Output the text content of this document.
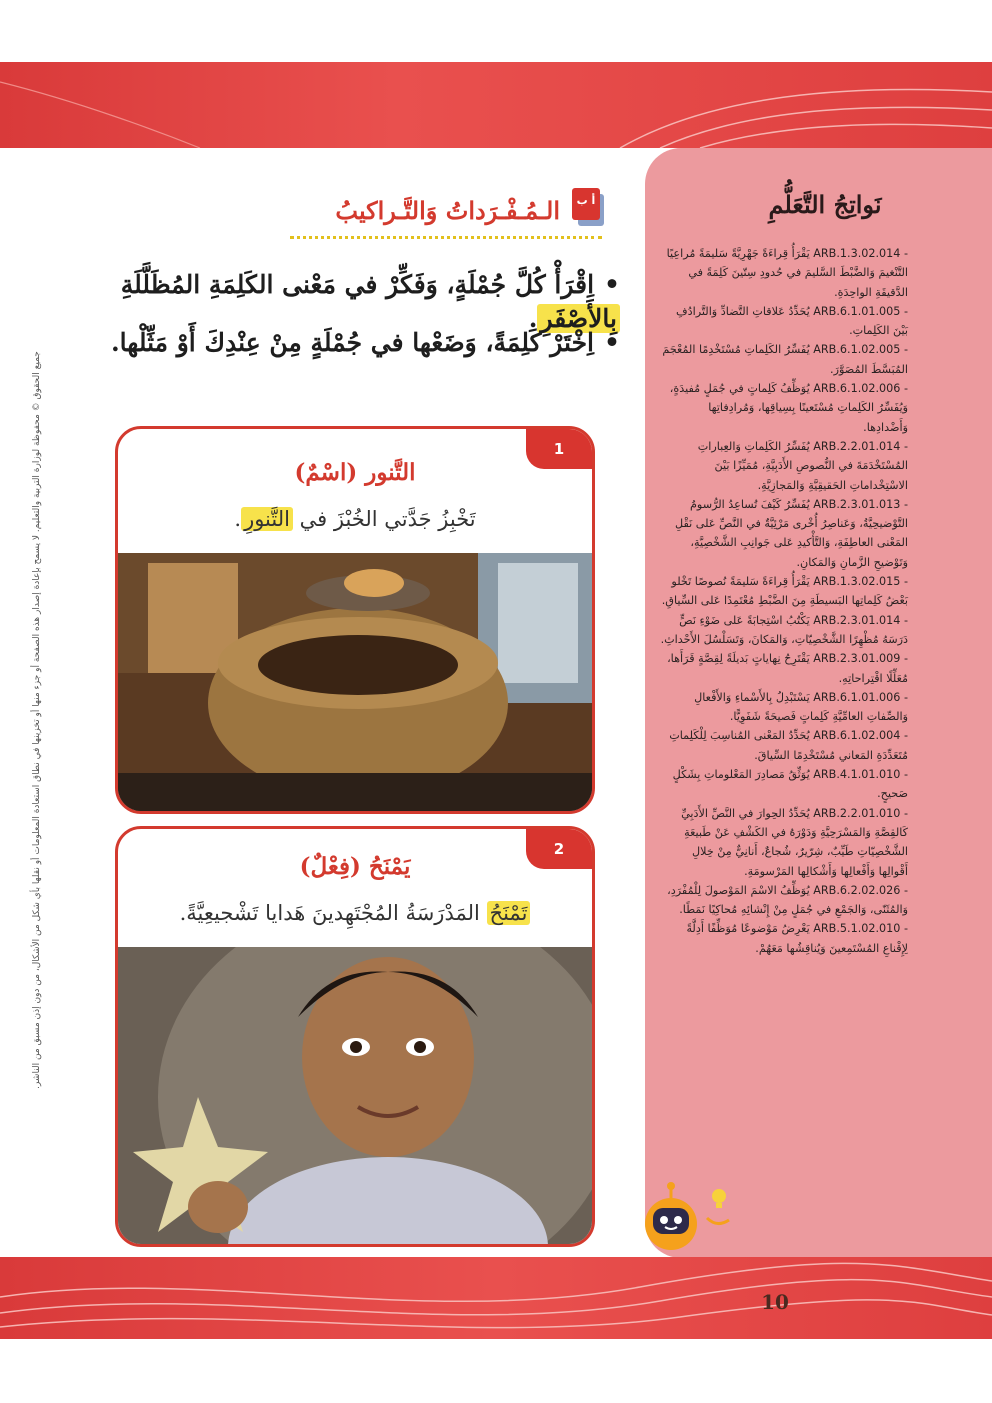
نَواتِجُ التَّعَلُّمِ
- ARB.1.3.02.014 يَقْرَأُ قِراءَةً جَهْرِيَّةً سَليمَةً مُراعِيًا التَّنْغيمَ وَالضَّبْطَ السَّليمَ في حُدودِ سِتّينَ كَلِمَةً في الدَّقيقَةِ الواحِدَةِ.
- ARB.6.1.01.005 يُحَدِّدُ عَلاقاتِ التَّضادِّ وَالتَّرادُفِ بَيْنَ الكَلِماتِ.
- ARB.6.1.02.005 يُفَسِّرُ الكَلِماتِ مُسْتَخْدِمًا المُعْجَمَ المُبَسَّطَ المُصَوَّرَ.
- ARB.6.1.02.006 يُوَظِّفُ كَلِماتٍ في جُمَلٍ مُفيدَةٍ، وَيُفَسِّرُ الكَلِماتِ مُسْتَعينًا بِسِياقِها، وَمُرادِفاتِها وَأَضْدادِها.
- ARB.2.2.01.014 يُفَسِّرُ الكَلِماتِ وَالعِباراتِ المُسْتَخْدَمَةَ في النُّصوصِ الأَدَبِيَّةِ، مُمَيِّزًا بَيْنَ الاسْتِخْداماتِ الحَقيقِيَّةِ وَالمَجازِيَّةِ.
- ARB.2.3.01.013 يُفَسِّرُ كَيْفَ تُساعِدُ الرُّسومُ التَّوْضيحِيَّةُ، وَعَناصِرُ أُخْرى مَرْئِيَّةٌ في النَّصِّ عَلى نَقْلِ المَعْنى العاطِفَةِ، وَالتَّأْكيدِ عَلى جَوانِبِ الشَّخْصِيَّةِ، وَتَوْضيحِ الزَّمانِ وَالمَكانِ.
- ARB.1.3.02.015 يَقْرَأُ قِراءَةً سَليمَةً نُصوصًا تَخْلو بَعْضُ كَلِماتِها البَسيطَةِ مِنَ الضَّبْطِ مُعْتَمِدًا عَلى السِّياقِ.
- ARB.2.3.01.014 يَكْتُبُ اسْتِجابَةً عَلى ضَوْءِ نَصٍّ دَرَسَهُ مُظْهِرًا الشَّخْصِيّاتِ، وَالمَكانَ، وَتَسَلْسُلَ الأَحْداثِ.
- ARB.2.3.01.009 يَقْتَرِحُ نِهاياتٍ بَديلَةً لِقِصَّةٍ قَرَأَها، مُعَلِّلًا اقْتِراحاتِهِ.
- ARB.6.1.01.006 يَسْتَبْدِلُ بِالأَسْماءِ وَالأَفْعالِ وَالصِّفاتِ العامِّيَّةِ كَلِماتٍ فَصيحَةً شَفَوِيًّا.
- ARB.6.1.02.004 يُحَدِّدُ المَعْنى المُناسِبَ لِلْكَلِماتِ مُتَعَدِّدَةِ المَعاني مُسْتَخْدِمًا السِّياقَ.
- ARB.4.1.01.010 يُوَثِّقُ مَصادِرَ المَعْلوماتِ بِشَكْلٍ صَحيحٍ.
- ARB.2.2.01.010 يُحَدِّدُ الحِوارَ في النَّصِّ الأَدَبِيِّ كَالقِصَّةِ وَالمَسْرَحِيَّةِ وَدَوْرَهُ في الكَشْفِ عَنْ طَبيعَةِ الشَّخْصِيّاتِ طَيِّبٌ، شِرّيرٌ، شُجاعٌ، أَنانِيٌّ مِنْ خِلالِ أَقْوالِها وَأَفْعالِها وَأَشْكالِها المَرْسومَةِ.
- ARB.6.2.02.026 يُوَظِّفُ الاسْمَ المَوْصولَ لِلْمُفْرَدِ، وَالمُثَنّى، وَالجَمْعِ في جُمَلٍ مِنْ إِنْشائِهِ مُحاكِيًا نَمَطًا.
- ARB.5.1.02.010 يَعْرِضُ مَوْضوعًا مُوَظِّفًا أَدِلَّةً لِإِقْناعِ المُسْتَمِعينَ وَيُناقِشُها مَعَهُمْ.
10
جميع الحقوق © محفوظة لوزارة التربية والتعليم. لا يسمح بإعادة إصدار هذه الصفحة أو جزء منها أو تخزينها في نطاق استعادة المعلومات أو نقلها بأي شكل من الأشكال، من دون إذن مسبق من الناشر.
أ ب
الـمُـفْـرَداتُ وَالتَّـراكيبُ
•اِقْرَأْ كُلَّ جُمْلَةٍ، وَفَكِّرْ في مَعْنى الكَلِمَةِ المُظَلَّلَةِ بِالأَصْفَرِ.
•اِخْتَرْ كَلِمَةً، وَضَعْها في جُمْلَةٍ مِنْ عِنْدِكَ أَوْ مَثِّلْها.
1
التَّنور (اسْمٌ)
تَخْبِزُ جَدَّتي الخُبْزَ في التَّنورِ.
2
يَمْنَحُ (فِعْلٌ)
تَمْنَحُ المَدْرَسَةُ المُجْتَهِدينَ هَدايا تَشْجيعِيَّةً.
